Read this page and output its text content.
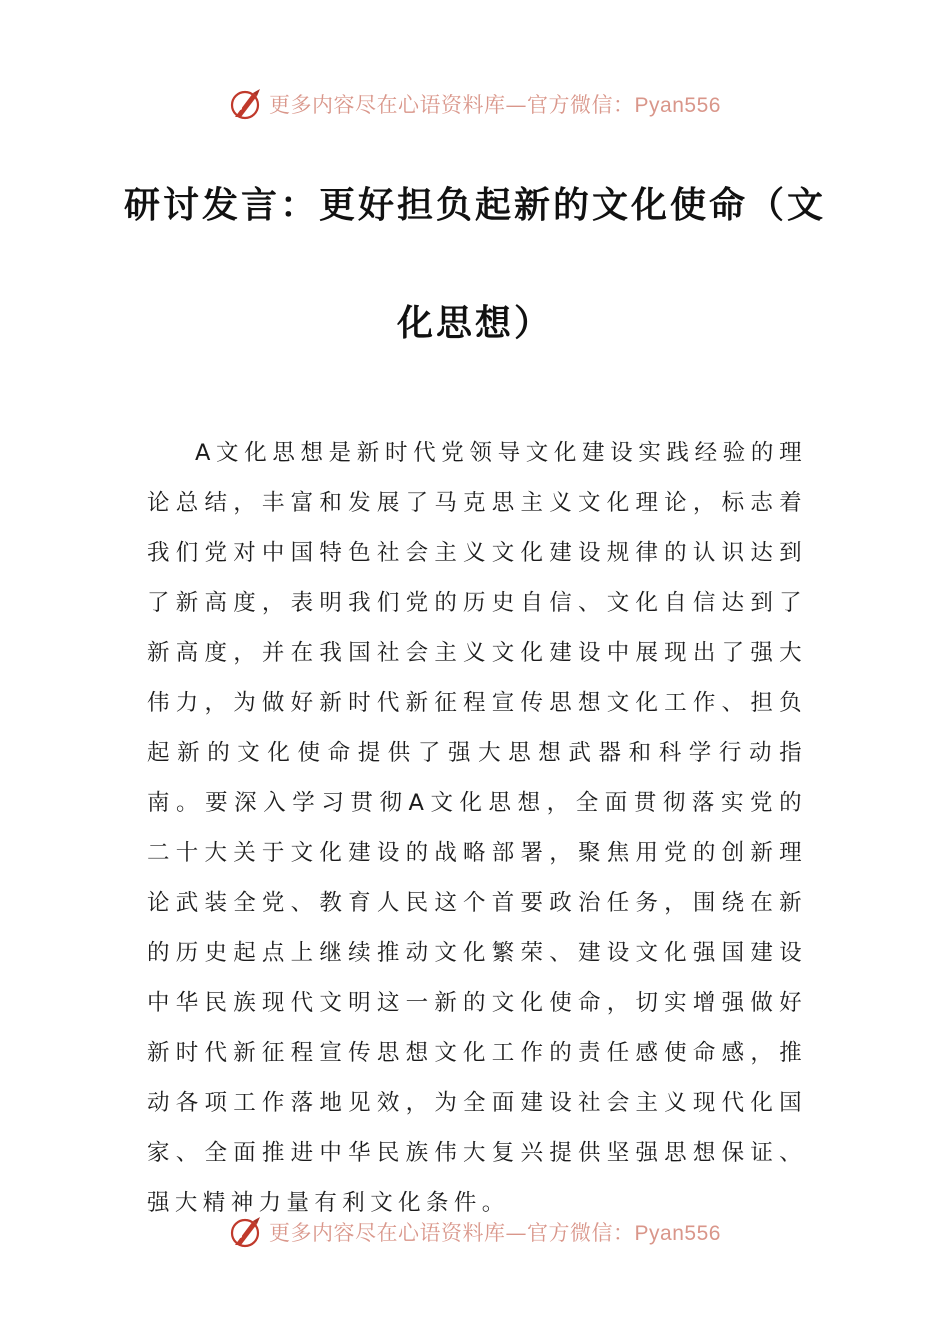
更多内容尽在心语资料库—官方微信：Pyan556
研讨发言：更好担负起新的文化使命（文
化思想）

A文化思想是新时代党领导文化建设实践经验的理论总结，丰富和发展了马克思主义文化理论，标志着我们党对中国特色社会主义文化建设规律的认识达到了新高度，表明我们党的历史自信、文化自信达到了新高度，并在我国社会主义文化建设中展现出了强大伟力，为做好新时代新征程宣传思想文化工作、担负起新的文化使命提供了强大思想武器和科学行动指南。要深入学习贯彻A文化思想，全面贯彻落实党的二十大关于文化建设的战略部署，聚焦用党的创新理论武装全党、教育人民这个首要政治任务，围绕在新的历史起点上继续推动文化繁荣、建设文化强国建设中华民族现代文明这一新的文化使命，切实增强做好新时代新征程宣传思想文化工作的责任感使命感，推动各项工作落地见效，为全面建设社会主义现代化国家、全面推进中华民族伟大复兴提供坚强思想保证、强大精神力量有利文化条件。

更多内容尽在心语资料库—官方微信：Pyan556
